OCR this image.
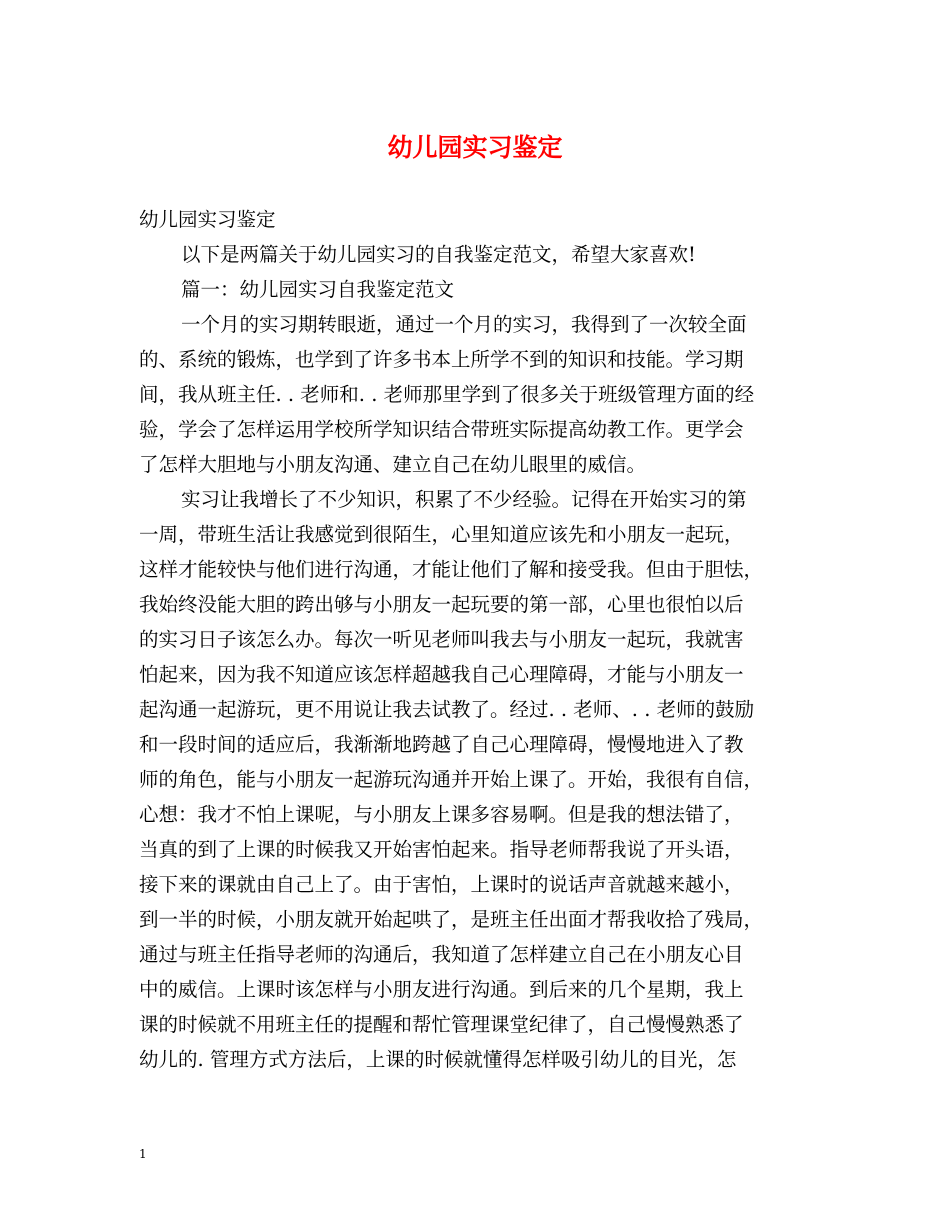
幼儿园实习鉴定
幼儿园实习鉴定
以下是两篇关于幼儿园实习的自我鉴定范文，希望大家喜欢!
篇一：幼儿园实习自我鉴定范文
一个月的实习期转眼逝，通过一个月的实习，我得到了一次较全面
的、系统的锻炼，也学到了许多书本上所学不到的知识和技能。学习期
间，我从班主任. . 老师和. . 老师那里学到了很多关于班级管理方面的经
验，学会了怎样运用学校所学知识结合带班实际提高幼教工作。更学会
了怎样大胆地与小朋友沟通、建立自己在幼儿眼里的威信。
实习让我增长了不少知识，积累了不少经验。记得在开始实习的第
一周，带班生活让我感觉到很陌生，心里知道应该先和小朋友一起玩，
这样才能较快与他们进行沟通，才能让他们了解和接受我。但由于胆怯，
我始终没能大胆的跨出够与小朋友一起玩要的第一部，心里也很怕以后
的实习日子该怎么办。每次一听见老师叫我去与小朋友一起玩，我就害
怕起来，因为我不知道应该怎样超越我自己心理障碍，才能与小朋友一
起沟通一起游玩，更不用说让我去试教了。经过. . 老师、. . 老师的鼓励
和一段时间的适应后，我渐渐地跨越了自己心理障碍，慢慢地进入了教
师的角色，能与小朋友一起游玩沟通并开始上课了。开始，我很有自信，
心想：我才不怕上课呢，与小朋友上课多容易啊。但是我的想法错了，
当真的到了上课的时候我又开始害怕起来。指导老师帮我说了开头语，
接下来的课就由自己上了。由于害怕，上课时的说话声音就越来越小，
到一半的时候，小朋友就开始起哄了，是班主任出面才帮我收拾了残局，
通过与班主任指导老师的沟通后，我知道了怎样建立自己在小朋友心目
中的威信。上课时该怎样与小朋友进行沟通。到后来的几个星期，我上
课的时候就不用班主任的提醒和帮忙管理课堂纪律了，自己慢慢熟悉了
幼儿的. 管理方式方法后，上课的时候就懂得怎样吸引幼儿的目光，怎
1
